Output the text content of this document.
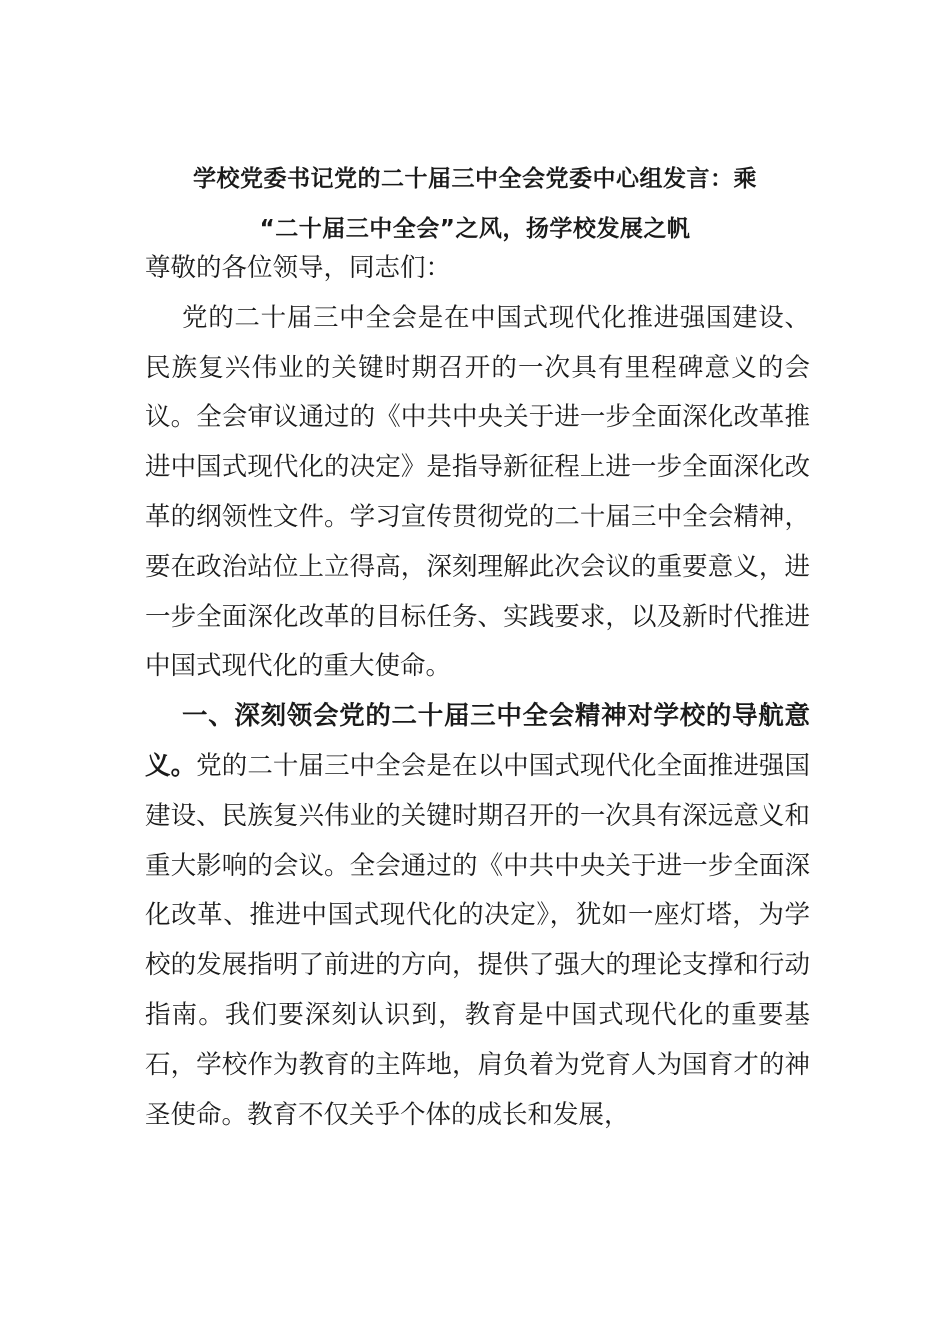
学校党委书记党的二十届三中全会党委中心组发言：乘
“二十届三中全会”之风，扬学校发展之帆

尊敬的各位领导，同志们：

党的二十届三中全会是在中国式现代化推进强国建设、民族复兴伟业的关键时期召开的一次具有里程碑意义的会议。全会审议通过的《中共中央关于进一步全面深化改革推进中国式现代化的决定》是指导新征程上进一步全面深化改革的纲领性文件。学习宣传贯彻党的二十届三中全会精神，要在政治站位上立得高，深刻理解此次会议的重要意义，进一步全面深化改革的目标任务、实践要求，以及新时代推进中国式现代化的重大使命。

一、深刻领会党的二十届三中全会精神对学校的导航意义。党的二十届三中全会是在以中国式现代化全面推进强国建设、民族复兴伟业的关键时期召开的一次具有深远意义和重大影响的会议。全会通过的《中共中央关于进一步全面深化改革、推进中国式现代化的决定》，犹如一座灯塔，为学校的发展指明了前进的方向，提供了强大的理论支撑和行动指南。我们要深刻认识到，教育是中国式现代化的重要基石，学校作为教育的主阵地，肩负着为党育人为国育才的神圣使命。教育不仅关乎个体的成长和发展，
